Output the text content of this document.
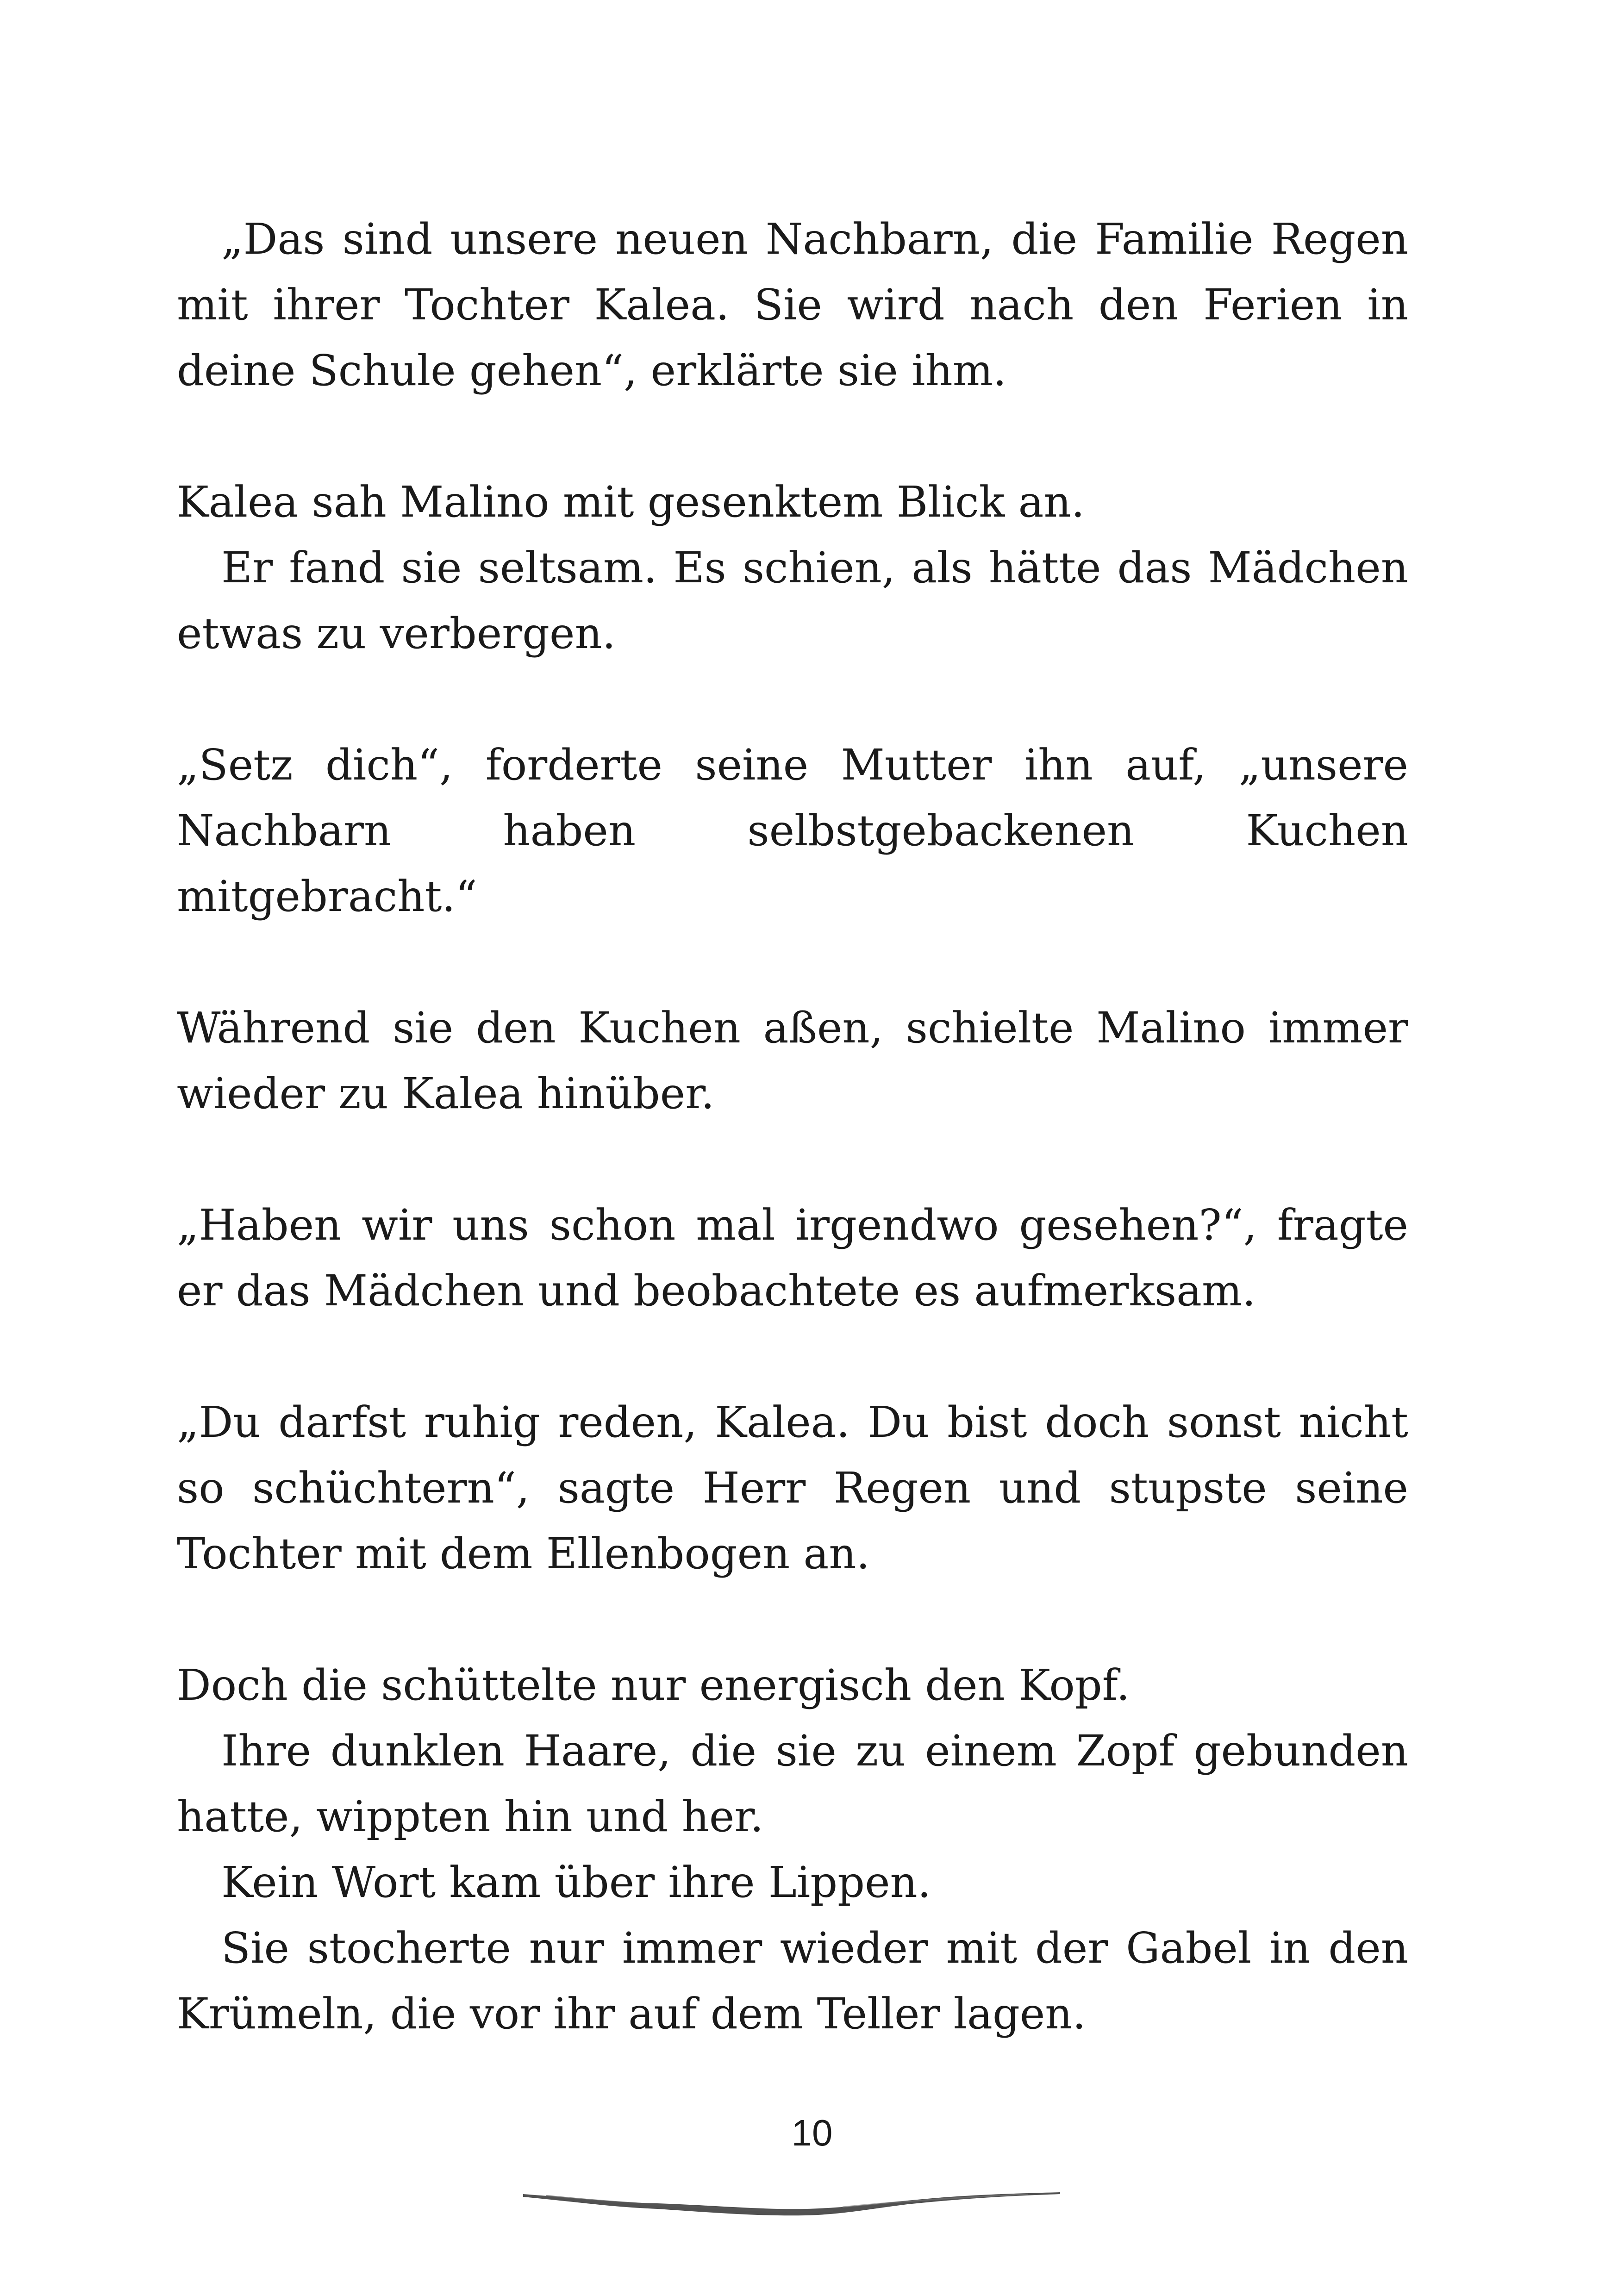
„Das sind unsere neuen Nachbarn, die Familie Regen mit ihrer Tochter Kalea. Sie wird nach den Ferien in deine Schule gehen“, erklärte sie ihm.

Kalea sah Malino mit gesenktem Blick an.

Er fand sie seltsam. Es schien, als hätte das Mädchen etwas zu verbergen.

„Setz dich“, forderte seine Mutter ihn auf, „unsere Nachbarn haben selbstgebackenen Kuchen mitgebracht.“

Während sie den Kuchen aßen, schielte Malino immer wieder zu Kalea hinüber.

„Haben wir uns schon mal irgendwo gesehen?“, fragte er das Mädchen und beobachtete es aufmerksam.

„Du darfst ruhig reden, Kalea. Du bist doch sonst nicht so schüchtern“, sagte Herr Regen und stupste seine Tochter mit dem Ellenbogen an.

Doch die schüttelte nur energisch den Kopf.

Ihre dunklen Haare, die sie zu einem Zopf gebunden hatte, wippten hin und her.

Kein Wort kam über ihre Lippen.

Sie stocherte nur immer wieder mit der Gabel in den Krümeln, die vor ihr auf dem Teller lagen.

10
